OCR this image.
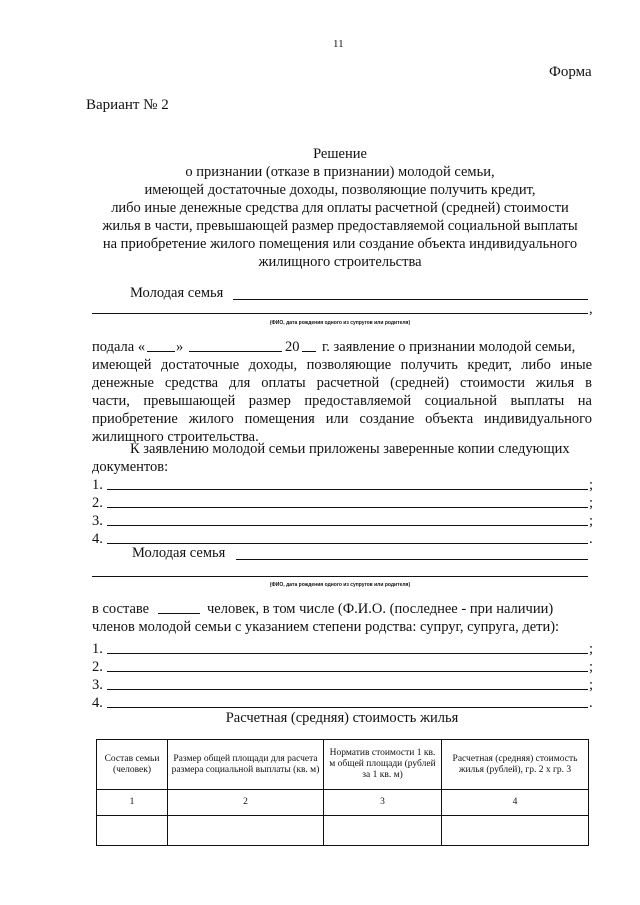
11
Форма
Вариант № 2
Решение
о признании (отказе в признании) молодой семьи,
имеющей достаточные доходы, позволяющие получить кредит,
либо иные денежные средства для оплаты расчетной (средней) стоимости
жилья в части, превышающей размер предоставляемой социальной выплаты
на приобретение жилого помещения или создание объекта индивидуального
жилищного строительства
Молодая семья
,
(ФИО, дата рождения одного из супругов или родителя)
подала « »	20 г. заявление о признании молодой семьи,
имеющей достаточные доходы, позволяющие получить кредит, либо иные
денежные средства для оплаты расчетной (средней) стоимости жилья в
части, превышающей размер предоставляемой социальной выплаты на
приобретение жилого помещения или создание объекта индивидуального
жилищного строительства.
К заявлению молодой семьи приложены заверенные копии следующих
документов:
1.	;
2.	;
3.	;
4.	.
Молодая семья
(ФИО, дата рождения одного из супругов или родителя)
в составе	человек, в том числе (Ф.И.О. (последнее - при наличии)
членов молодой семьи с указанием степени родства: супруг, супруга, дети):
1.	;
2.	;
3.	;
4.	.
Расчетная (средняя) стоимость жилья
Состав семьи (человек)	Размер общей площади для расчета размера социальной выплаты (кв. м)	Норматив стоимости 1 кв. м общей площади (рублей за 1 кв. м)	Расчетная (средняя) стоимость жилья (рублей), гр. 2 х гр. 3
1	2	3	4
